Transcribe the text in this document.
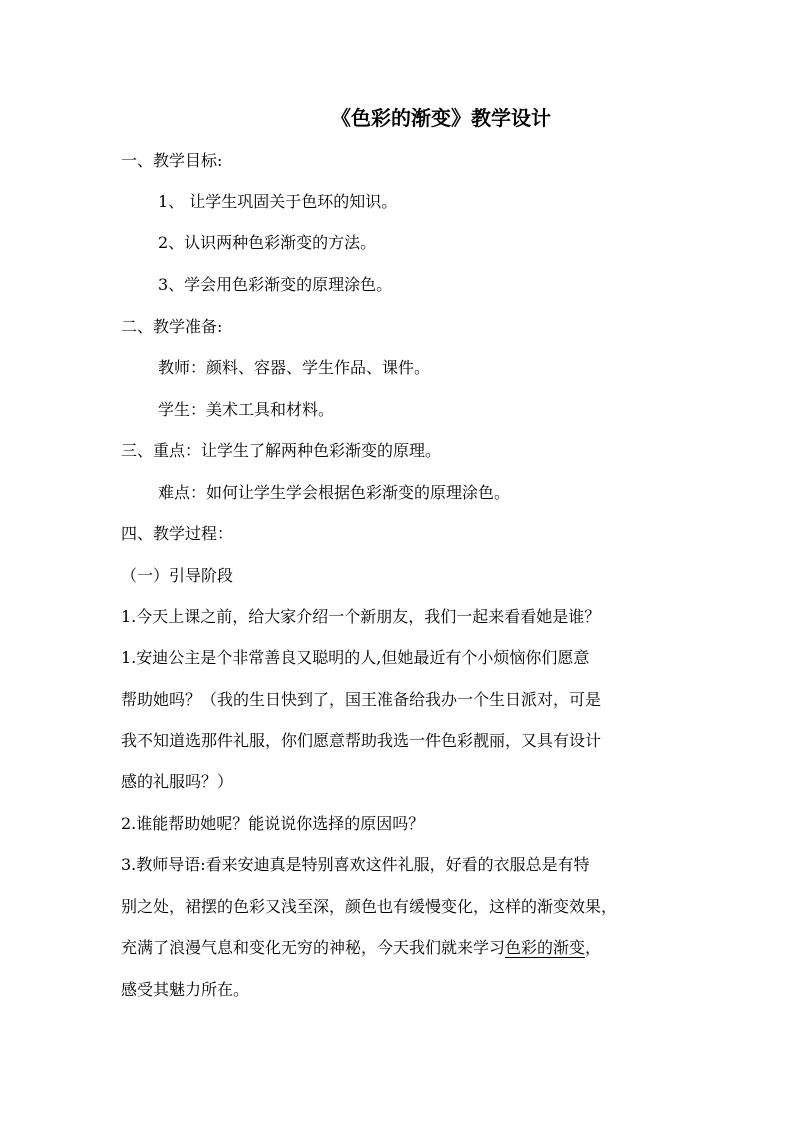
《色彩的渐变》教学设计
一、教学目标:
1、 让学生巩固关于色环的知识。
2、认识两种色彩渐变的方法。
3、学会用色彩渐变的原理涂色。
二、教学准备:
教师：颜料、容器、学生作品、课件。
学生：美术工具和材料。
三、重点：让学生了解两种色彩渐变的原理。
难点：如何让学生学会根据色彩渐变的原理涂色。
四、教学过程：
（一）引导阶段
1.今天上课之前，给大家介绍一个新朋友，我们一起来看看她是谁？
1.安迪公主是个非常善良又聪明的人,但她最近有个小烦恼你们愿意
帮助她吗？（我的生日快到了，国王准备给我办一个生日派对，可是
我不知道选那件礼服，你们愿意帮助我选一件色彩靓丽，又具有设计
感的礼服吗？）
2.谁能帮助她呢？能说说你选择的原因吗？
3.教师导语:看来安迪真是特别喜欢这件礼服，好看的衣服总是有特
别之处，裙摆的色彩又浅至深，颜色也有缓慢变化，这样的渐变效果，
充满了浪漫气息和变化无穷的神秘，今天我们就来学习色彩的渐变，
感受其魅力所在。
